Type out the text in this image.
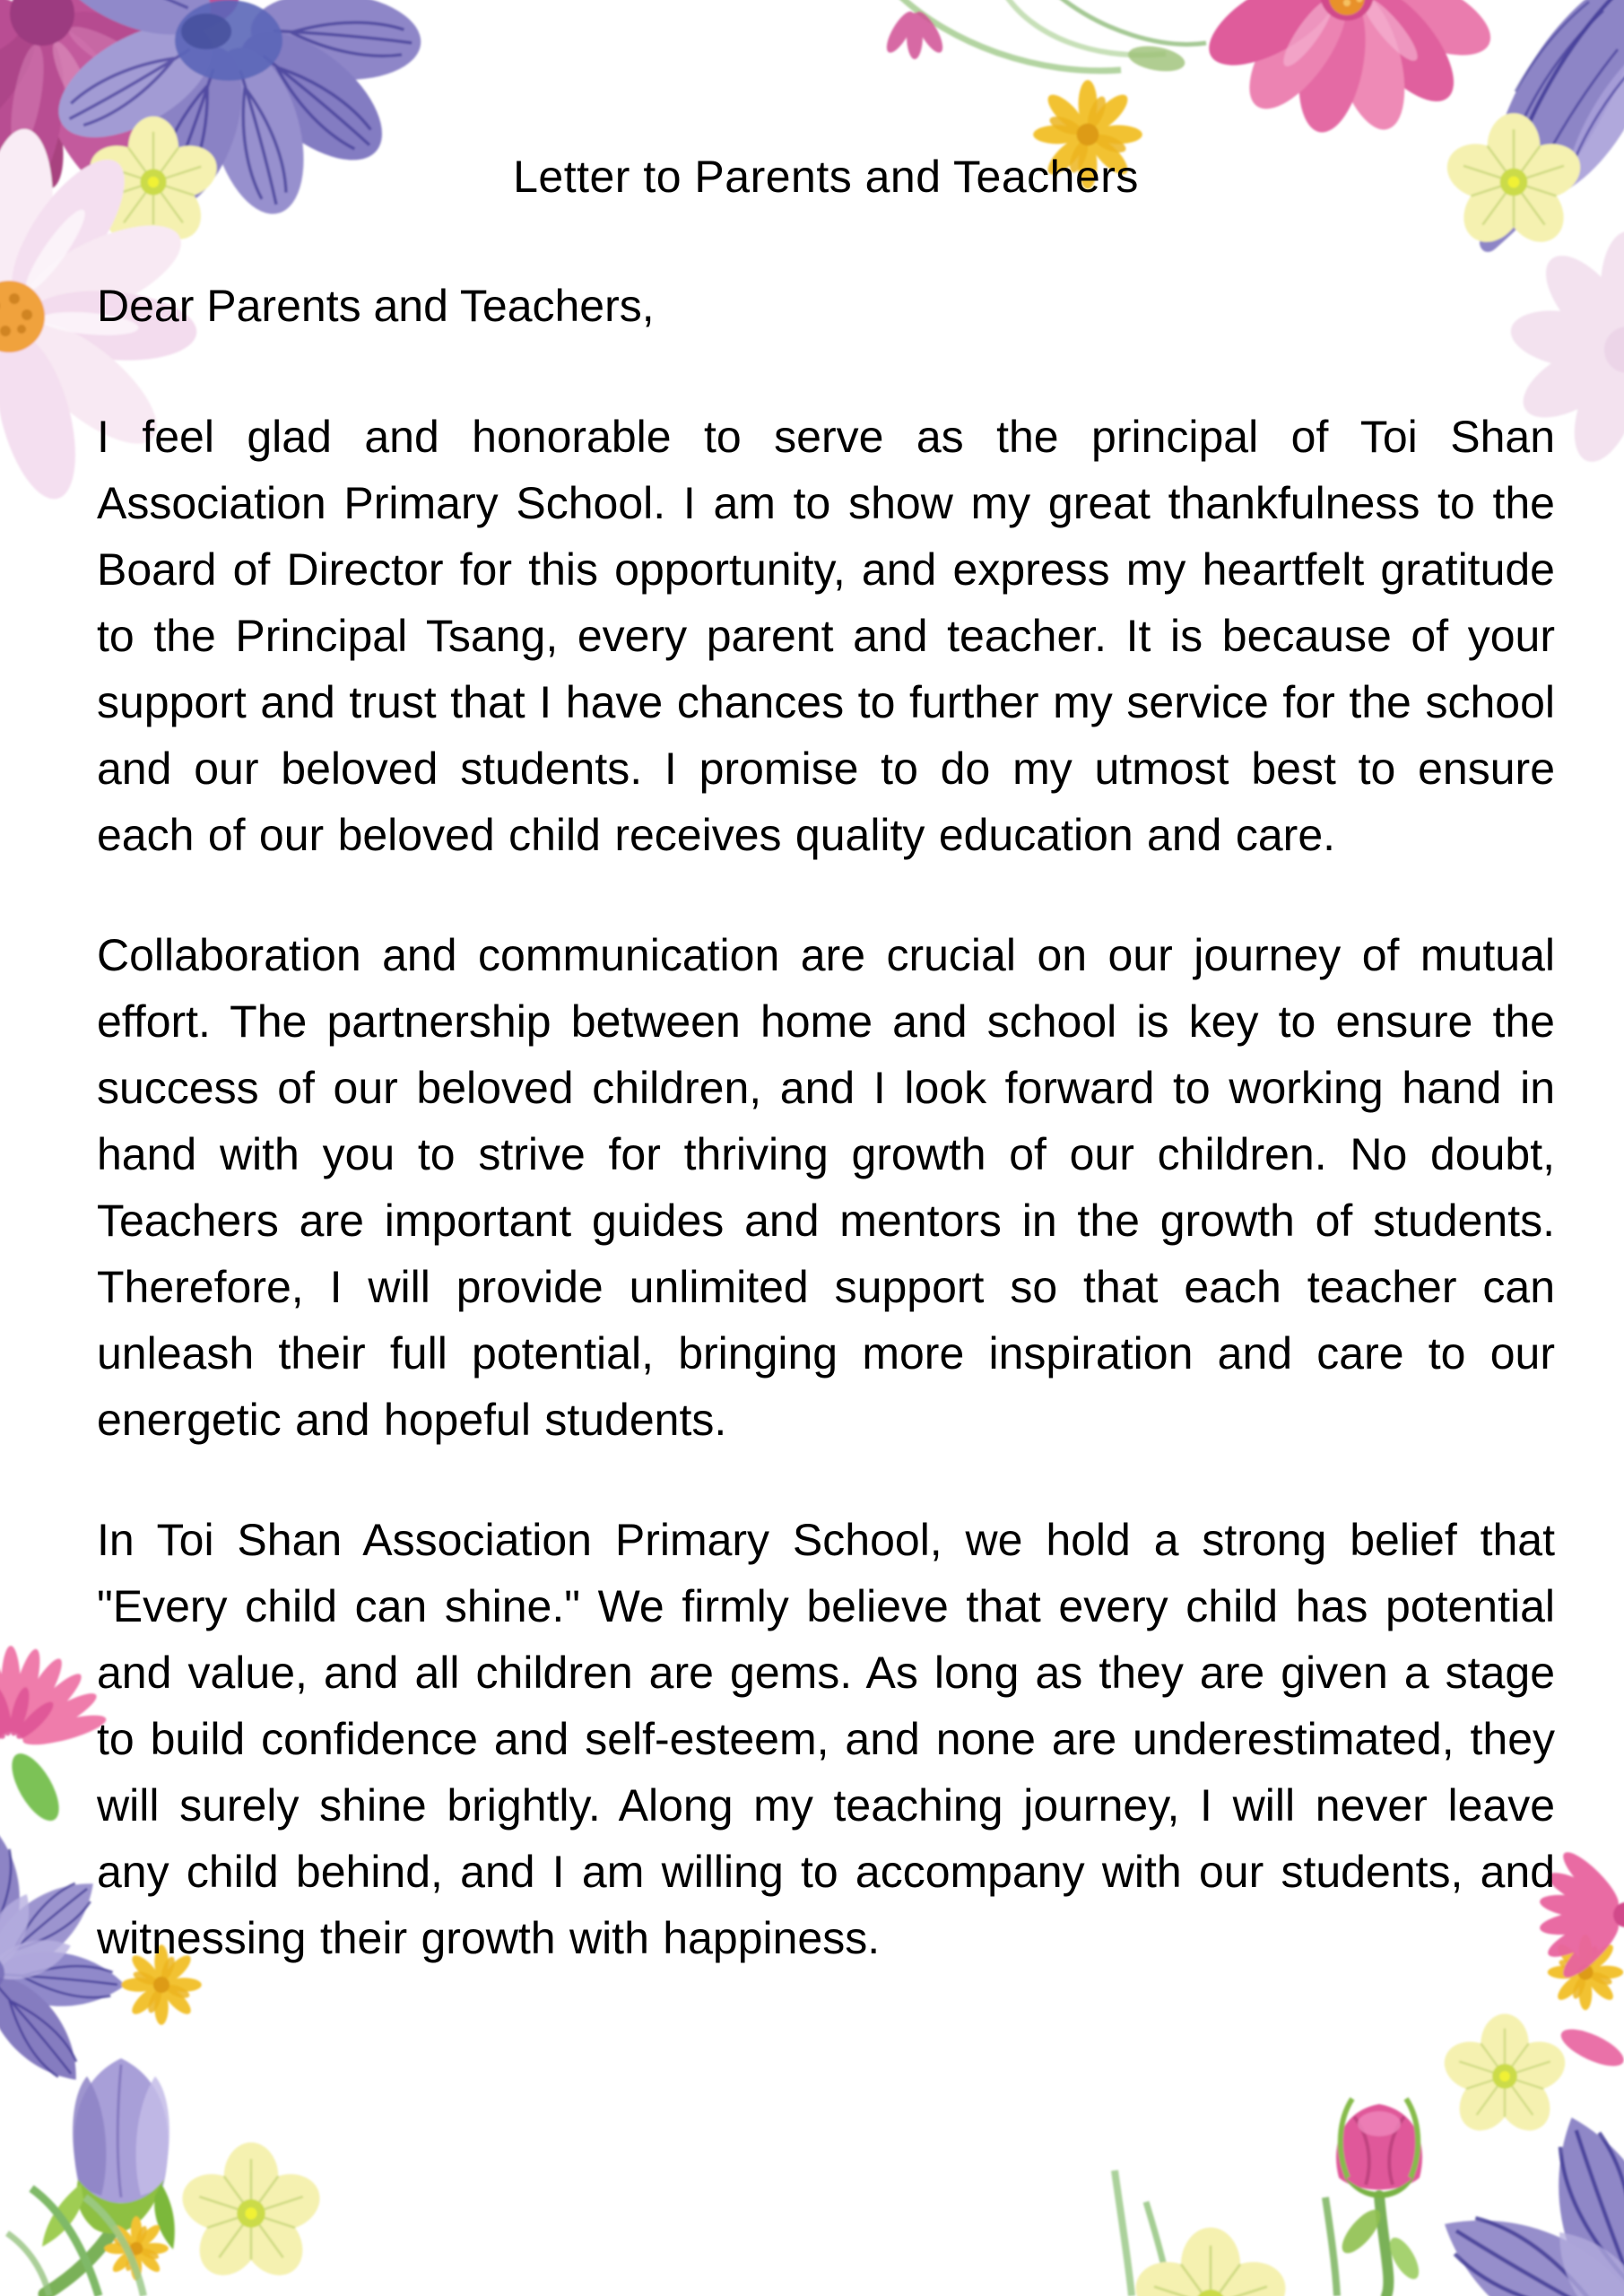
Letter to Parents and Teachers

Dear Parents and Teachers,

I feel glad and honorable to serve as the principal of Toi Shan Association Primary School. I am to show my great thankfulness to the Board of Director for this opportunity, and express my heartfelt gratitude to the Principal Tsang, every parent and teacher. It is because of your support and trust that I have chances to further my service for the school and our beloved students. I promise to do my utmost best to ensure each of our beloved child receives quality education and care.

Collaboration and communication are crucial on our journey of mutual effort. The partnership between home and school is key to ensure the success of our beloved children, and I look forward to working hand in hand with you to strive for thriving growth of our children. No doubt, Teachers are important guides and mentors in the growth of students. Therefore, I will provide unlimited support so that each teacher can unleash their full potential, bringing more inspiration and care to our energetic and hopeful students.

In Toi Shan Association Primary School, we hold a strong belief that "Every child can shine." We firmly believe that every child has potential and value, and all children are gems. As long as they are given a stage to build confidence and self-esteem, and none are underestimated, they will surely shine brightly. Along my teaching journey, I will never leave any child behind, and I am willing to accompany with our students, and witnessing their growth with happiness.
